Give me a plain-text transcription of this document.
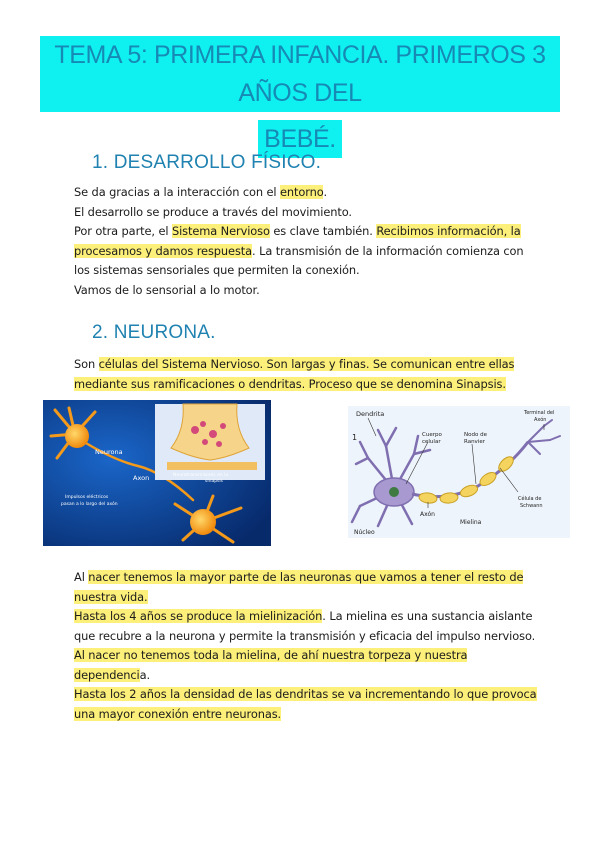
TEMA 5: PRIMERA INFANCIA. PRIMEROS 3 AÑOS DEL
BEBÉ.
1. DESARROLLO FÍSICO.

Se da gracias a la interacción con el entorno.

El desarrollo se produce a través del movimiento.

Por otra parte, el Sistema Nervioso es clave también. Recibimos información, la

procesamos y damos respuesta. La transmisión de la información comienza con

los sistemas sensoriales que permiten la conexión.

Vamos de lo sensorial a lo motor.

2. NEURONA.

Son células del Sistema Nervioso. Son largas y finas. Se comunican entre ellas

mediante sus ramificaciones o dendritas. Proceso que se denomina Sinapsis.

Neurona
Axon
Impulsos eléctricos
pasan a lo largo del axón
Neurotransmisores en la
sinapsis
Dendrita
1	Cuerpo
celular
Nodo de
Ranvier
Terminal del
Axón
Axón
Célula de
Schwann
Mielina
Núcleo

Al nacer tenemos la mayor parte de las neuronas que vamos a tener el resto de

nuestra vida.

Hasta los 4 años se produce la mielinización. La mielina es una sustancia aislante

que recubre a la neurona y permite la transmisión y eficacia del impulso nervioso.

Al nacer no tenemos toda la mielina, de ahí nuestra torpeza y nuestra

dependencia.

Hasta los 2 años la densidad de las dendritas se va incrementando lo que provoca

una mayor conexión entre neuronas.
